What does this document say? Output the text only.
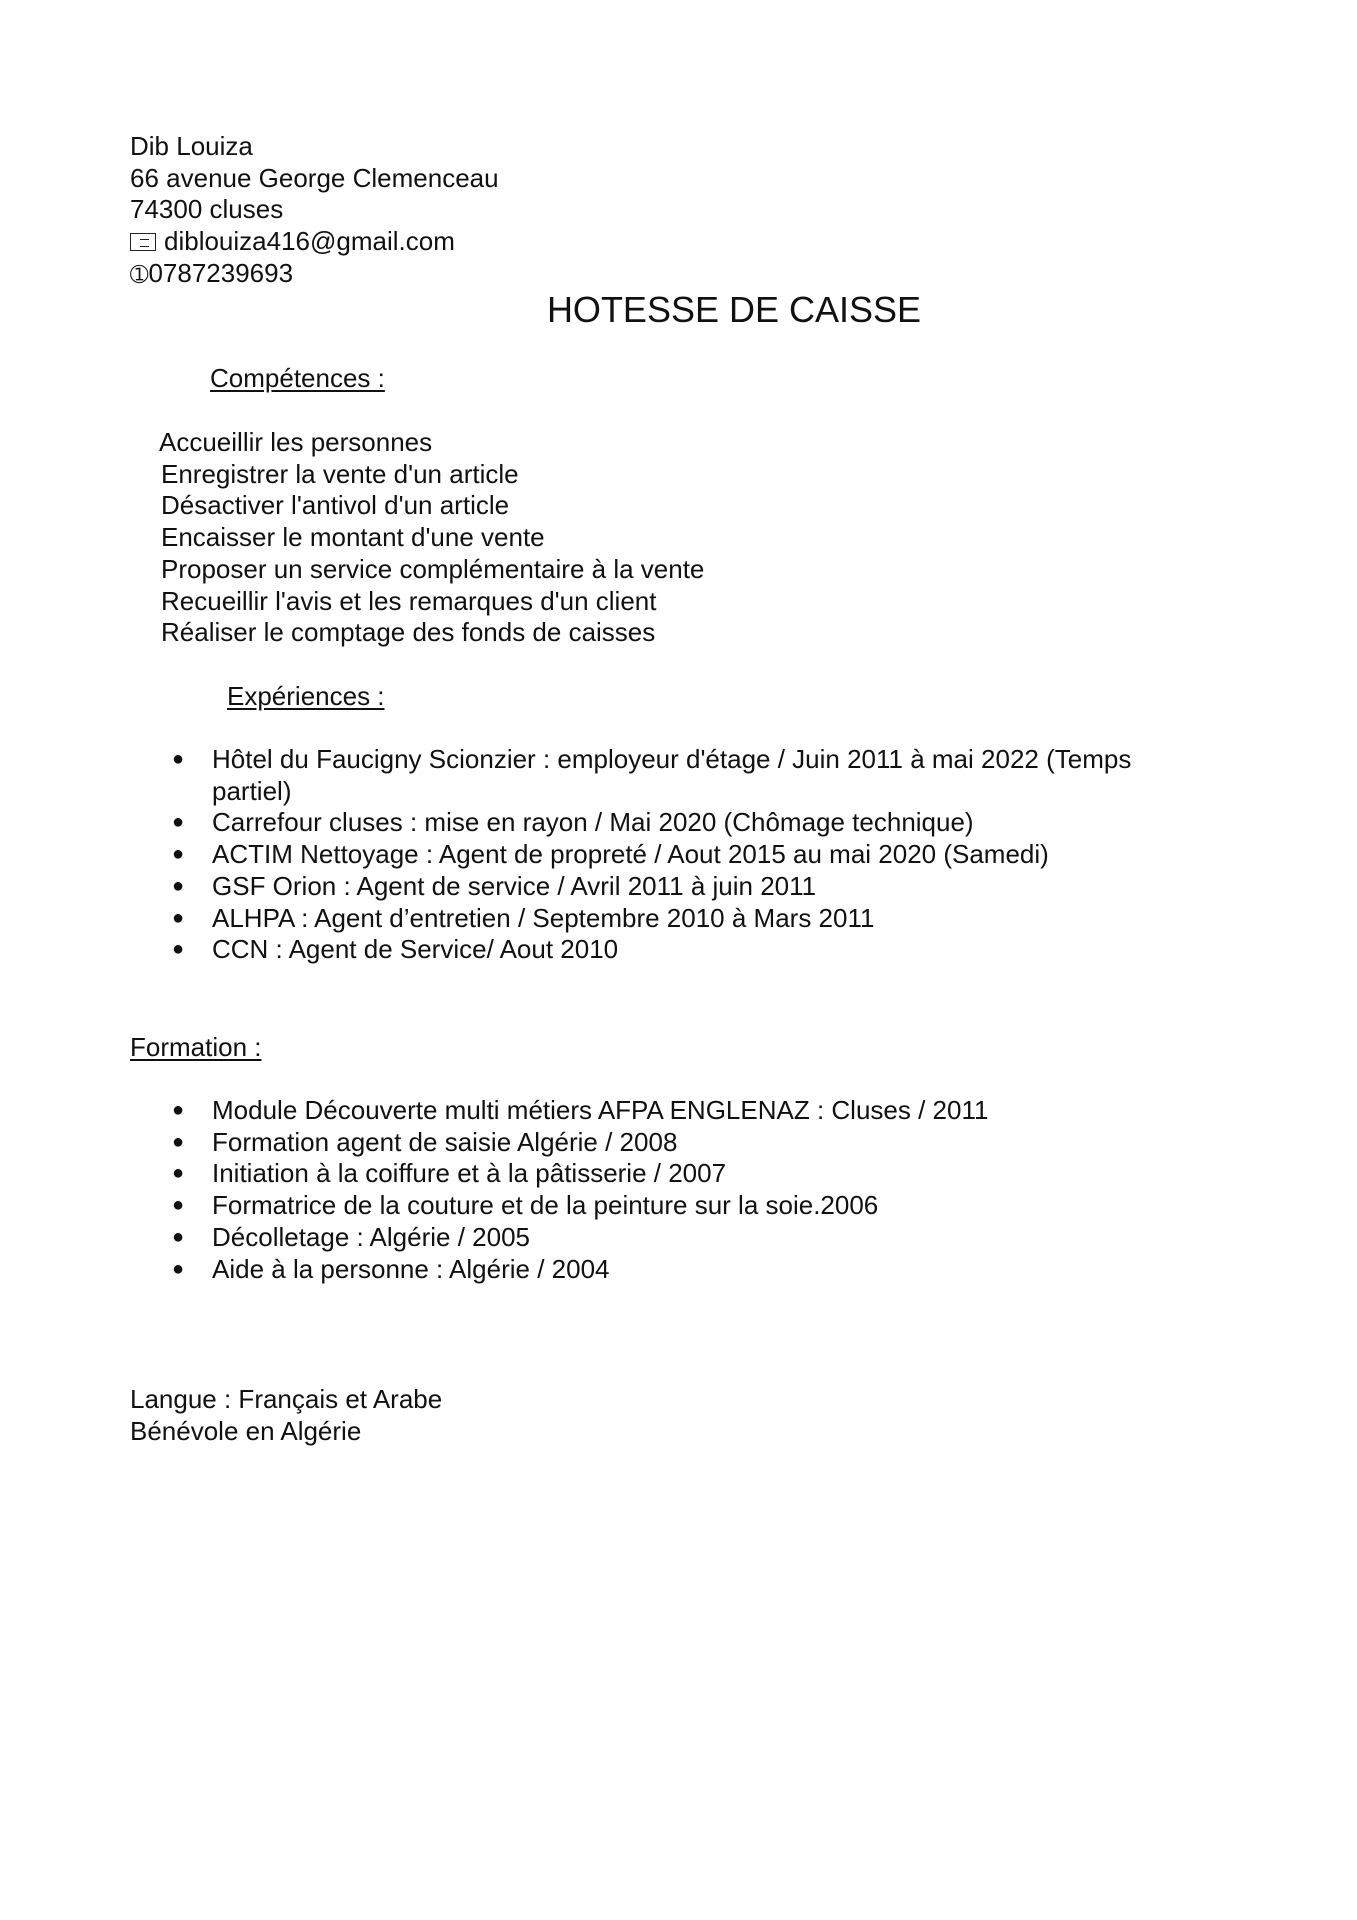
Dib Louiza
66 avenue George Clemenceau
74300 cluses
diblouiza416@gmail.com
➀0787239693
HOTESSE DE CAISSE
Compétences :
Accueillir les personnes
Enregistrer la vente d'un article
Désactiver l'antivol d'un article
Encaisser le montant d'une vente
Proposer un service complémentaire à la vente
Recueillir l'avis et les remarques d'un client
Réaliser le comptage des fonds de caisses
Expériences :
● Hôtel du Faucigny Scionzier : employeur d'étage / Juin 2011 à mai 2022 (Temps partiel)
● Carrefour cluses : mise en rayon / Mai 2020 (Chômage technique)
● ACTIM Nettoyage : Agent de propreté / Aout 2015 au mai 2020 (Samedi)
● GSF Orion : Agent de service / Avril 2011 à juin 2011
● ALHPA : Agent d’entretien / Septembre 2010 à Mars 2011
● CCN : Agent de Service/ Aout 2010
Formation :
● Module Découverte multi métiers AFPA ENGLENAZ : Cluses / 2011
● Formation agent de saisie Algérie / 2008
● Initiation à la coiffure et à la pâtisserie / 2007
● Formatrice de la couture et de la peinture sur la soie.2006
● Décolletage : Algérie / 2005
● Aide à la personne : Algérie / 2004
Langue : Français et Arabe
Bénévole en Algérie
